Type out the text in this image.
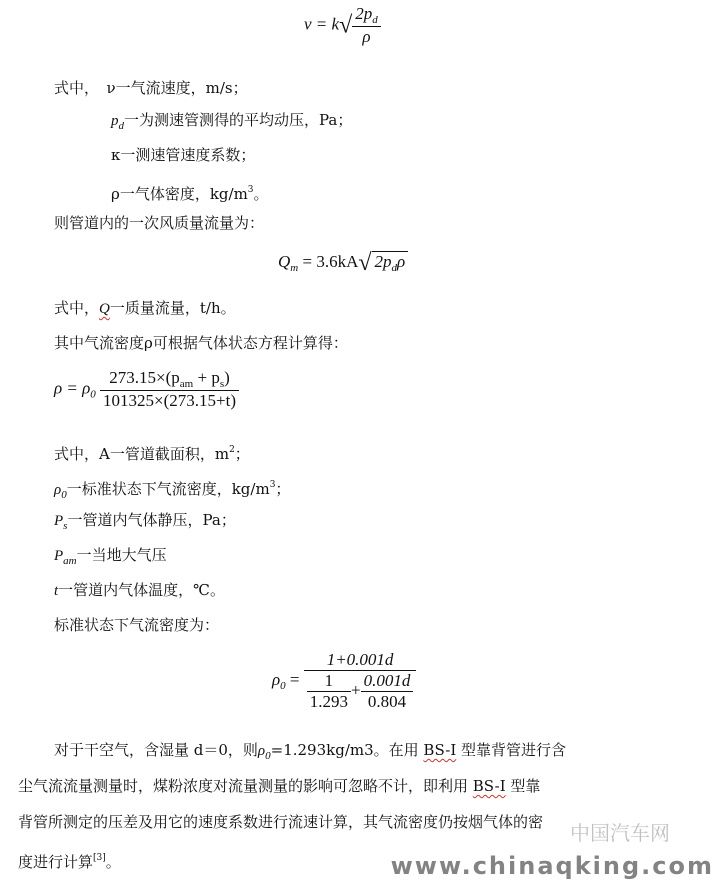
$v = k√ \frac{2p_d}{\rho}$
式中，　ν一气流速度，m/s；
$p_d$一为测速管测得的平均动压，Pa；
κ一测速管速度系数；
ρ一气体密度，$kg/m^3$。
则管道内的一次风质量流量为：
$Q_m = 3.6kA√$ $2p_d\rho$
式中，Q一质量流量，t/h。
其中气流密度ρ可根据气体状态方程计算得：
$\rho = \rho_0 \frac{273.15\times(p_{am} + p_s)}{101325\times(273.15+t)}$
式中，A一管道截面积，$m^2$；
$\rho_0$一标准状态下气流密度，$kg/m^3$；
$P_s$一管道内气体静压，Pa；
$P_{am}$一当地大气压
t一管道内气体温度，℃。
标准状态下气流密度为：
$\rho_0 = \frac{1+0.001d}{\frac{1}{1.293} + \frac{0.001d}{0.804}}$
对于干空气，含湿量 d＝0，则$\rho_0=1.293kg/m3$。在用 BS-I 型靠背管进行含
尘气流流量测量时，煤粉浓度对流量测量的影响可忽略不计，即利用 BS-I 型靠
背管所测定的压差及用它的速度系数进行流速计算，其气流密度仍按烟气体的密
度进行计算[3]。
中国汽车网
www.chinaqking.com
